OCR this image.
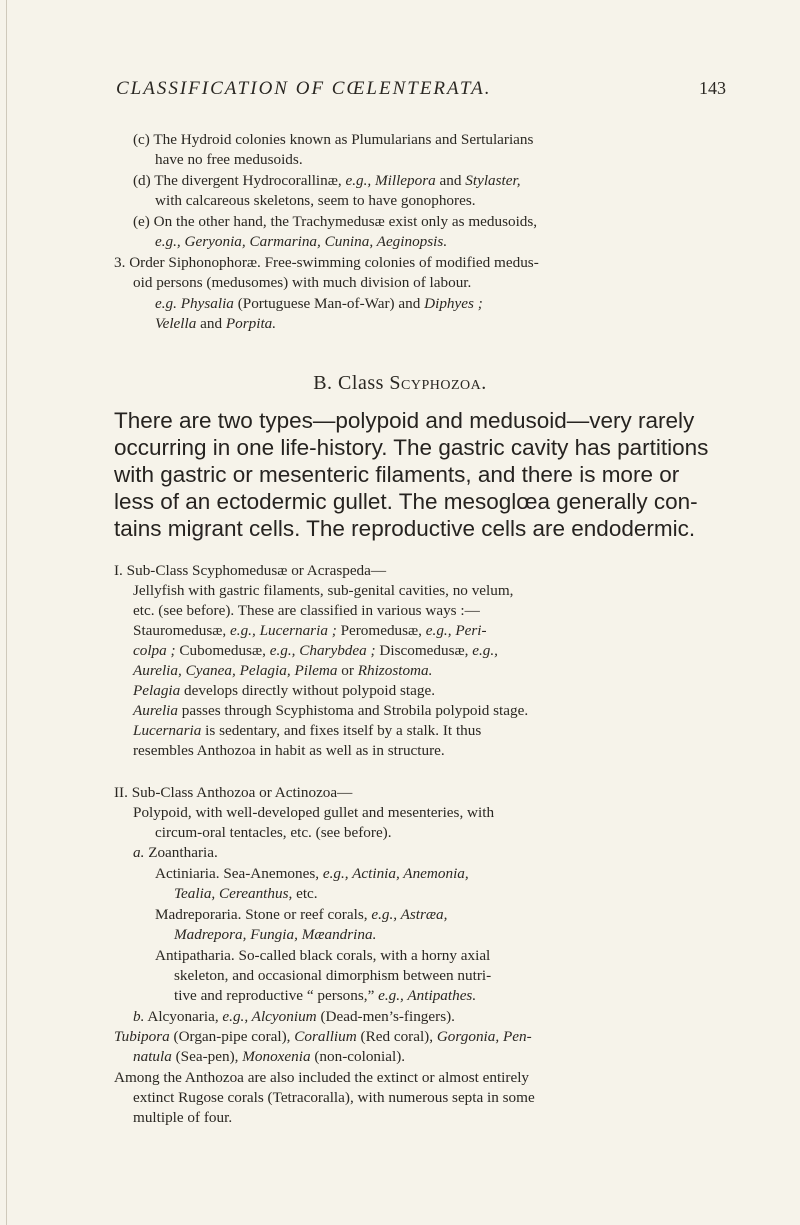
CLASSIFICATION OF CŒLENTERATA.	143
(c) The Hydroid colonies known as Plumularians and Sertularians
have no free medusoids.
(d) The divergent Hydrocorallinæ, e.g., Millepora and Stylaster,
with calcareous skeletons, seem to have gonophores.
(e) On the other hand, the Trachymedusæ exist only as medusoids,
e.g., Geryonia, Carmarina, Cunina, Aeginopsis.
3. Order Siphonophoræ. Free-swimming colonies of modified medus-
oid persons (medusomes) with much division of labour.
e.g. Physalia (Portuguese Man-of-War) and Diphyes ;
Velella and Porpita.
B. Class Scyphozoa.
There are two types—polypoid and medusoid—very rarely
occurring in one life-history. The gastric cavity has partitions
with gastric or mesenteric filaments, and there is more or
less of an ectodermic gullet. The mesoglœa generally con-
tains migrant cells. The reproductive cells are endodermic.
I. Sub-Class Scyphomedusæ or Acraspeda—
Jellyfish with gastric filaments, sub-genital cavities, no velum,
etc. (see before). These are classified in various ways :—
Stauromedusæ, e.g., Lucernaria ; Peromedusæ, e.g., Peri-
colpa ; Cubomedusæ, e.g., Charybdea ; Discomedusæ, e.g.,
Aurelia, Cyanea, Pelagia, Pilema or Rhizostoma.
Pelagia develops directly without polypoid stage.
Aurelia passes through Scyphistoma and Strobila polypoid stage.
Lucernaria is sedentary, and fixes itself by a stalk. It thus
resembles Anthozoa in habit as well as in structure.
II. Sub-Class Anthozoa or Actinozoa—
Polypoid, with well-developed gullet and mesenteries, with
circum-oral tentacles, etc. (see before).
a. Zoantharia.
Actiniaria. Sea-Anemones, e.g., Actinia, Anemonia,
Tealia, Cereanthus, etc.
Madreporaria. Stone or reef corals, e.g., Astræa,
Madrepora, Fungia, Mæandrina.
Antipatharia. So-called black corals, with a horny axial
skeleton, and occasional dimorphism between nutri-
tive and reproductive “ persons,” e.g., Antipathes.
b. Alcyonaria, e.g., Alcyonium (Dead-men’s-fingers).
Tubipora (Organ-pipe coral), Corallium (Red coral), Gorgonia, Pen-
natula (Sea-pen), Monoxenia (non-colonial).
Among the Anthozoa are also included the extinct or almost entirely
extinct Rugose corals (Tetracoralla), with numerous septa in some
multiple of four.
